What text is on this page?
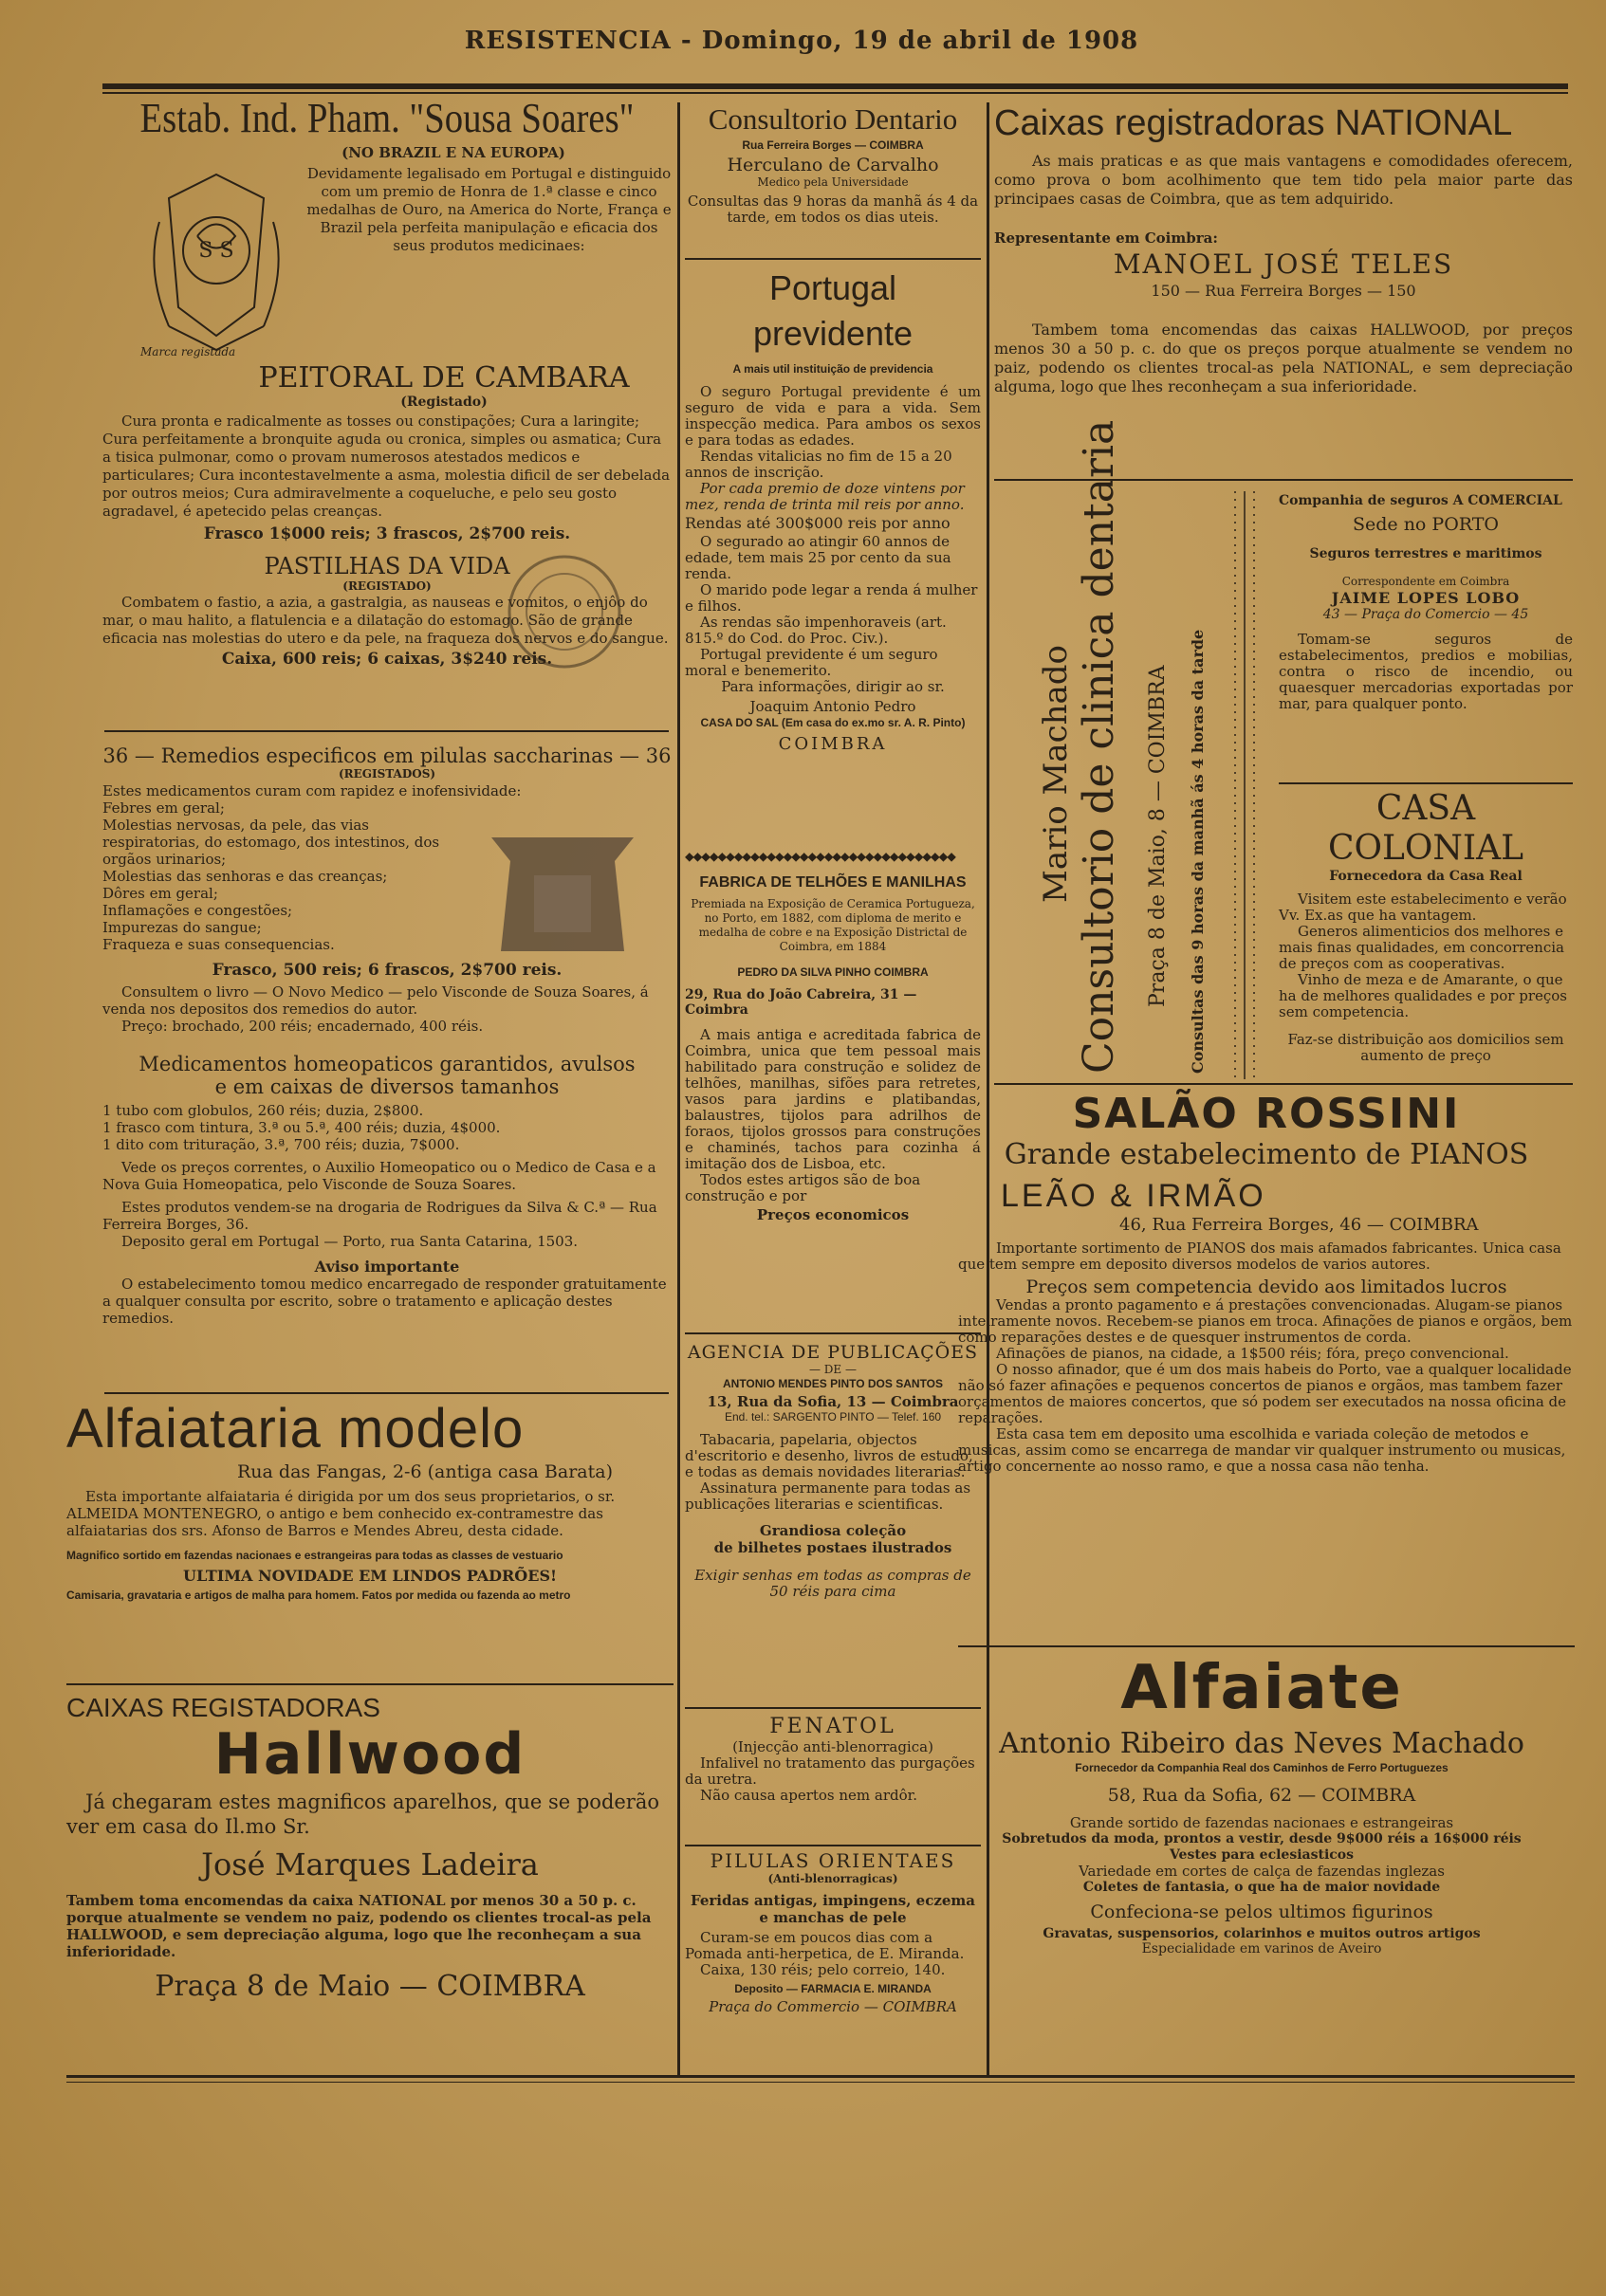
RESISTENCIA - Domingo, 19 de abril de 1908
Estab. Ind. Pham. "Sousa Soares"
(NO BRAZIL E NA EUROPA)
S S
Devidamente legalisado em Portugal e distinguido com um premio de Honra de 1.ª classe e cinco medalhas de Ouro, na America do Norte, França e Brazil pela perfeita manipulação e eficacia dos seus produtos medicinaes:
Marca registada
PEITORAL DE CAMBARA
(Registado)
Cura pronta e radicalmente as tosses ou constipações; Cura a laringite; Cura perfeitamente a bronquite aguda ou cronica, simples ou asmatica; Cura a tisica pulmonar, como o provam numerosos atestados medicos e particulares; Cura incontestavelmente a asma, molestia dificil de ser debelada por outros meios; Cura admiravelmente a coqueluche, e pelo seu gosto agradavel, é apetecido pelas creanças.
Frasco 1$000 reis; 3 frascos, 2$700 reis.
PASTILHAS DA VIDA
(REGISTADO)
Combatem o fastio, a azia, a gastralgia, as nauseas e vomitos, o enjôo do mar, o mau halito, a flatulencia e a dilatação do estomago. São de grande eficacia nas molestias do utero e da pele, na fraqueza dos nervos e do sangue.
Caixa, 600 reis; 6 caixas, 3$240 reis.
36 — Remedios especificos em pilulas saccharinas — 36
(REGISTADOS)
Estes medicamentos curam com rapidez e inofensividade:
Febres em geral;
Molestias nervosas, da pele, das vias respiratorias, do estomago, dos intestinos, dos orgãos urinarios;
Molestias das senhoras e das creanças;
Dôres em geral;
Inflamações e congestões;
Impurezas do sangue;
Fraqueza e suas consequencias.
Frasco, 500 reis; 6 frascos, 2$700 reis.
Consultem o livro — O Novo Medico — pelo Visconde de Souza Soares, á venda nos depositos dos remedios do autor.
Preço: brochado, 200 réis; encadernado, 400 réis.
Medicamentos homeopaticos garantidos, avulsos
e em caixas de diversos tamanhos
1 tubo com globulos, 260 réis; duzia, 2$800.
1 frasco com tintura, 3.ª ou 5.ª, 400 réis; duzia, 4$000.
1 dito com trituração, 3.ª, 700 réis; duzia, 7$000.
Vede os preços correntes, o Auxilio Homeopatico ou o Medico de Casa e a Nova Guia Homeopatica, pelo Visconde de Souza Soares.
Estes produtos vendem-se na drogaria de Rodrigues da Silva & C.ª — Rua Ferreira Borges, 36.
Deposito geral em Portugal — Porto, rua Santa Catarina, 1503.
Aviso importante
O estabelecimento tomou medico encarregado de responder gratuitamente a qualquer consulta por escrito, sobre o tratamento e aplicação destes remedios.
Alfaiataria modelo
Rua das Fangas, 2-6 (antiga casa Barata)
Esta importante alfaiataria é dirigida por um dos seus proprietarios, o sr. ALMEIDA MONTENEGRO, o antigo e bem conhecido ex-contramestre das alfaiatarias dos srs. Afonso de Barros e Mendes Abreu, desta cidade.
Magnifico sortido em fazendas nacionaes e estrangeiras para todas as classes de vestuario
ULTIMA NOVIDADE EM LINDOS PADRÕES!
Camisaria, gravataria e artigos de malha para homem. Fatos por medida ou fazenda ao metro
CAIXAS REGISTADORAS
Hallwood
Já chegaram estes magnificos aparelhos, que se poderão ver em casa do Il.mo Sr.
José Marques Ladeira
Tambem toma encomendas da caixa NATIONAL por menos 30 a 50 p. c. porque atualmente se vendem no paiz, podendo os clientes trocal-as pela HALLWOOD, e sem depreciação alguma, logo que lhe reconheçam a sua inferioridade.
Praça 8 de Maio — COIMBRA
Consultorio Dentario
Rua Ferreira Borges — COIMBRA
Herculano de Carvalho
Medico pela Universidade
Consultas das 9 horas da manhã ás 4 da tarde, em todos os dias uteis.
Portugal previdente
A mais util instituição de previdencia
O seguro Portugal previdente é um seguro de vida e para a vida. Sem inspecção medica. Para ambos os sexos e para todas as edades.
Rendas vitalicias no fim de 15 a 20 annos de inscrição.
Por cada premio de doze vintens por mez, renda de trinta mil reis por anno.
Rendas até 300$000 reis por anno
O segurado ao atingir 60 annos de edade, tem mais 25 por cento da sua renda.
O marido pode legar a renda á mulher e filhos.
As rendas são impenhoraveis (art. 815.º do Cod. do Proc. Civ.).
Portugal previdente é um seguro moral e benemerito.
Para informações, dirigir ao sr.
Joaquim Antonio Pedro
CASA DO SAL (Em casa do ex.mo sr. A. R. Pinto)
COIMBRA
◆◆◆◆◆◆◆◆◆◆◆◆◆◆◆◆◆◆◆◆◆◆◆◆◆◆◆◆◆◆◆◆◆
FABRICA DE TELHÕES E MANILHAS
Premiada na Exposição de Ceramica Portugueza, no Porto, em 1882, com diploma de merito e medalha de cobre e na Exposição Districtal de Coimbra, em 1884
PEDRO DA SILVA PINHO COIMBRA
29, Rua do João Cabreira, 31 — Coimbra
A mais antiga e acreditada fabrica de Coimbra, unica que tem pessoal mais habilitado para construção e solidez de telhões, manilhas, sifões para retretes, vasos para jardins e platibandas, balaustres, tijolos para adrilhos de foraos, tijolos grossos para construções e chaminés, tachos para cozinha á imitação dos de Lisboa, etc.
Todos estes artigos são de boa construção e por
Preços economicos
AGENCIA DE PUBLICAÇÕES
— DE —
ANTONIO MENDES PINTO DOS SANTOS
13, Rua da Sofia, 13 — Coimbra
End. tel.: SARGENTO PINTO — Telef. 160
Tabacaria, papelaria, objectos d'escritorio e desenho, livros de estudo, e todas as demais novidades literarias.
Assinatura permanente para todas as publicações literarias e scientificas.
Grandiosa coleção
de bilhetes postaes ilustrados
Exigir senhas em todas as compras de 50 réis para cima
FENATOL
(Injecção anti-blenorragica)
Infalivel no tratamento das purgações da uretra.
Não causa apertos nem ardôr.
PILULAS ORIENTAES
(Anti-blenorragicas)
Feridas antigas, impingens, eczema e manchas de pele
Curam-se em poucos dias com a Pomada anti-herpetica, de E. Miranda.
Caixa, 130 réis; pelo correio, 140.
Deposito — FARMACIA E. MIRANDA
Praça do Commercio — COIMBRA
Caixas registradoras NATIONAL
As mais praticas e as que mais vantagens e comodidades oferecem, como prova o bom acolhimento que tem tido pela maior parte das principaes casas de Coimbra, que as tem adquirido.
Representante em Coimbra:
MANOEL JOSÉ TELES
150 — Rua Ferreira Borges — 150
Tambem toma encomendas das caixas HALLWOOD, por preços menos 30 a 50 p. c. do que os preços porque atualmente se vendem no paiz, podendo os clientes trocal-as pela NATIONAL, e sem depreciação alguma, logo que lhes reconheçam a sua inferioridade.
Mario Machado Consultorio de clinica dentaria Praça 8 de Maio, 8 — COIMBRA Consultas das 9 horas da manhã ás 4 horas da tarde
Companhia de seguros A COMERCIAL
Sede no PORTO
Seguros terrestres e maritimos
Correspondente em Coimbra
JAIME LOPES LOBO
43 — Praça do Comercio — 45
Tomam-se seguros de estabelecimentos, predios e mobilias, contra o risco de incendio, ou quaesquer mercadorias exportadas por mar, para qualquer ponto.
CASA COLONIAL
Fornecedora da Casa Real
Visitem este estabelecimento e verão Vv. Ex.as que ha vantagem.
Generos alimenticios dos melhores e mais finas qualidades, em concorrencia de preços com as cooperativas.
Vinho de meza e de Amarante, o que ha de melhores qualidades e por preços sem competencia.
Faz-se distribuição aos domicilios sem aumento de preço
SALÃO ROSSINI
Grande estabelecimento de PIANOS
LEÃO & IRMÃO
46, Rua Ferreira Borges, 46 — COIMBRA
Importante sortimento de PIANOS dos mais afamados fabricantes. Unica casa que tem sempre em deposito diversos modelos de varios autores.
Preços sem competencia devido aos limitados lucros
Vendas a pronto pagamento e á prestações convencionadas. Alugam-se pianos inteiramente novos. Recebem-se pianos em troca. Afinações de pianos e orgãos, bem como reparações destes e de quesquer instrumentos de corda.
Afinações de pianos, na cidade, a 1$500 réis; fóra, preço convencional.
O nosso afinador, que é um dos mais habeis do Porto, vae a qualquer localidade não só fazer afinações e pequenos concertos de pianos e orgãos, mas tambem fazer orçamentos de maiores concertos, que só podem ser executados na nossa oficina de reparações.
Esta casa tem em deposito uma escolhida e variada coleção de metodos e musicas, assim como se encarrega de mandar vir qualquer instrumento ou musicas, artigo concernente ao nosso ramo, e que a nossa casa não tenha.
Alfaiate
Antonio Ribeiro das Neves Machado
Fornecedor da Companhia Real dos Caminhos de Ferro Portuguezes
58, Rua da Sofia, 62 — COIMBRA
Grande sortido de fazendas nacionaes e estrangeiras
Sobretudos da moda, prontos a vestir, desde 9$000 réis a 16$000 réis
Vestes para eclesiasticos
Variedade em cortes de calça de fazendas inglezas
Coletes de fantasia, o que ha de maior novidade
Confeciona-se pelos ultimos figurinos
Gravatas, suspensorios, colarinhos e muitos outros artigos
Especialidade em varinos de Aveiro
